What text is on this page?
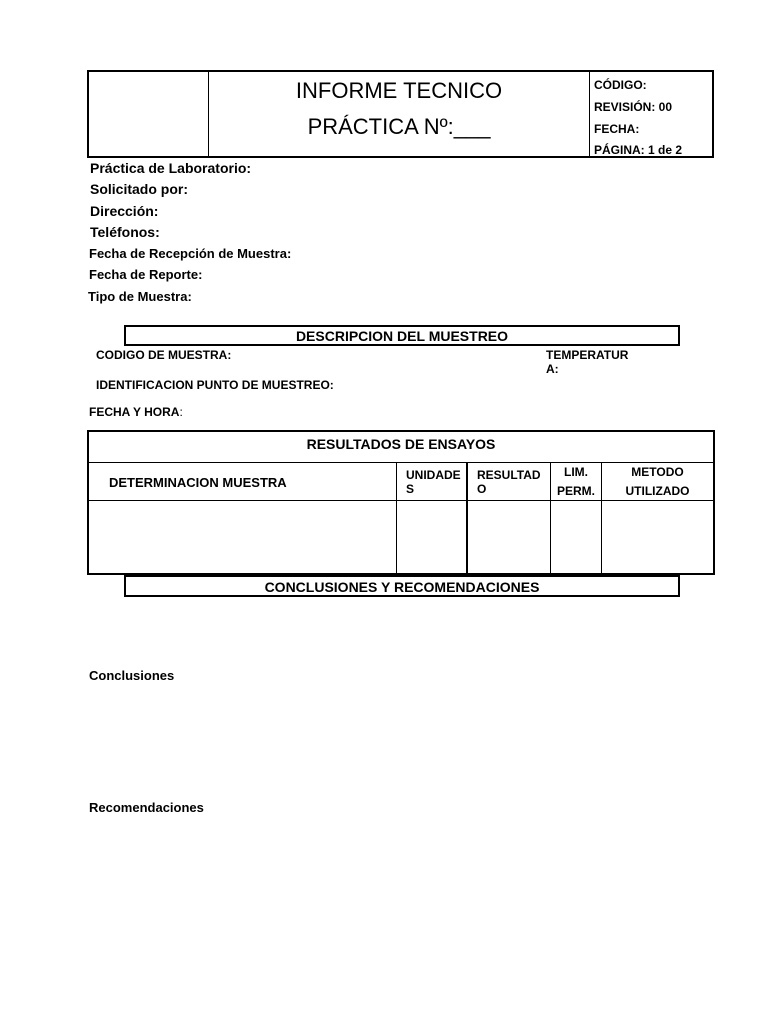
INFORME TECNICO
PRÁCTICA Nº:___
CÓDIGO:
REVISIÓN: 00
FECHA:
PÁGINA: 1 de 2
Práctica de Laboratorio:
Solicitado por:
Dirección:
Teléfonos:
Fecha de Recepción de Muestra:
Fecha de Reporte:
Tipo de Muestra:
DESCRIPCION DEL MUESTREO
CODIGO DE MUESTRA:	TEMPERATUR
A:
IDENTIFICACION PUNTO DE MUESTREO:
FECHA Y HORA:
RESULTADOS DE ENSAYOS
DETERMINACION MUESTRA	UNIDADE
S
RESULTAD
O
LIM.
PERM.
METODO
UTILIZADO
CONCLUSIONES Y RECOMENDACIONES
Conclusiones
Recomendaciones
